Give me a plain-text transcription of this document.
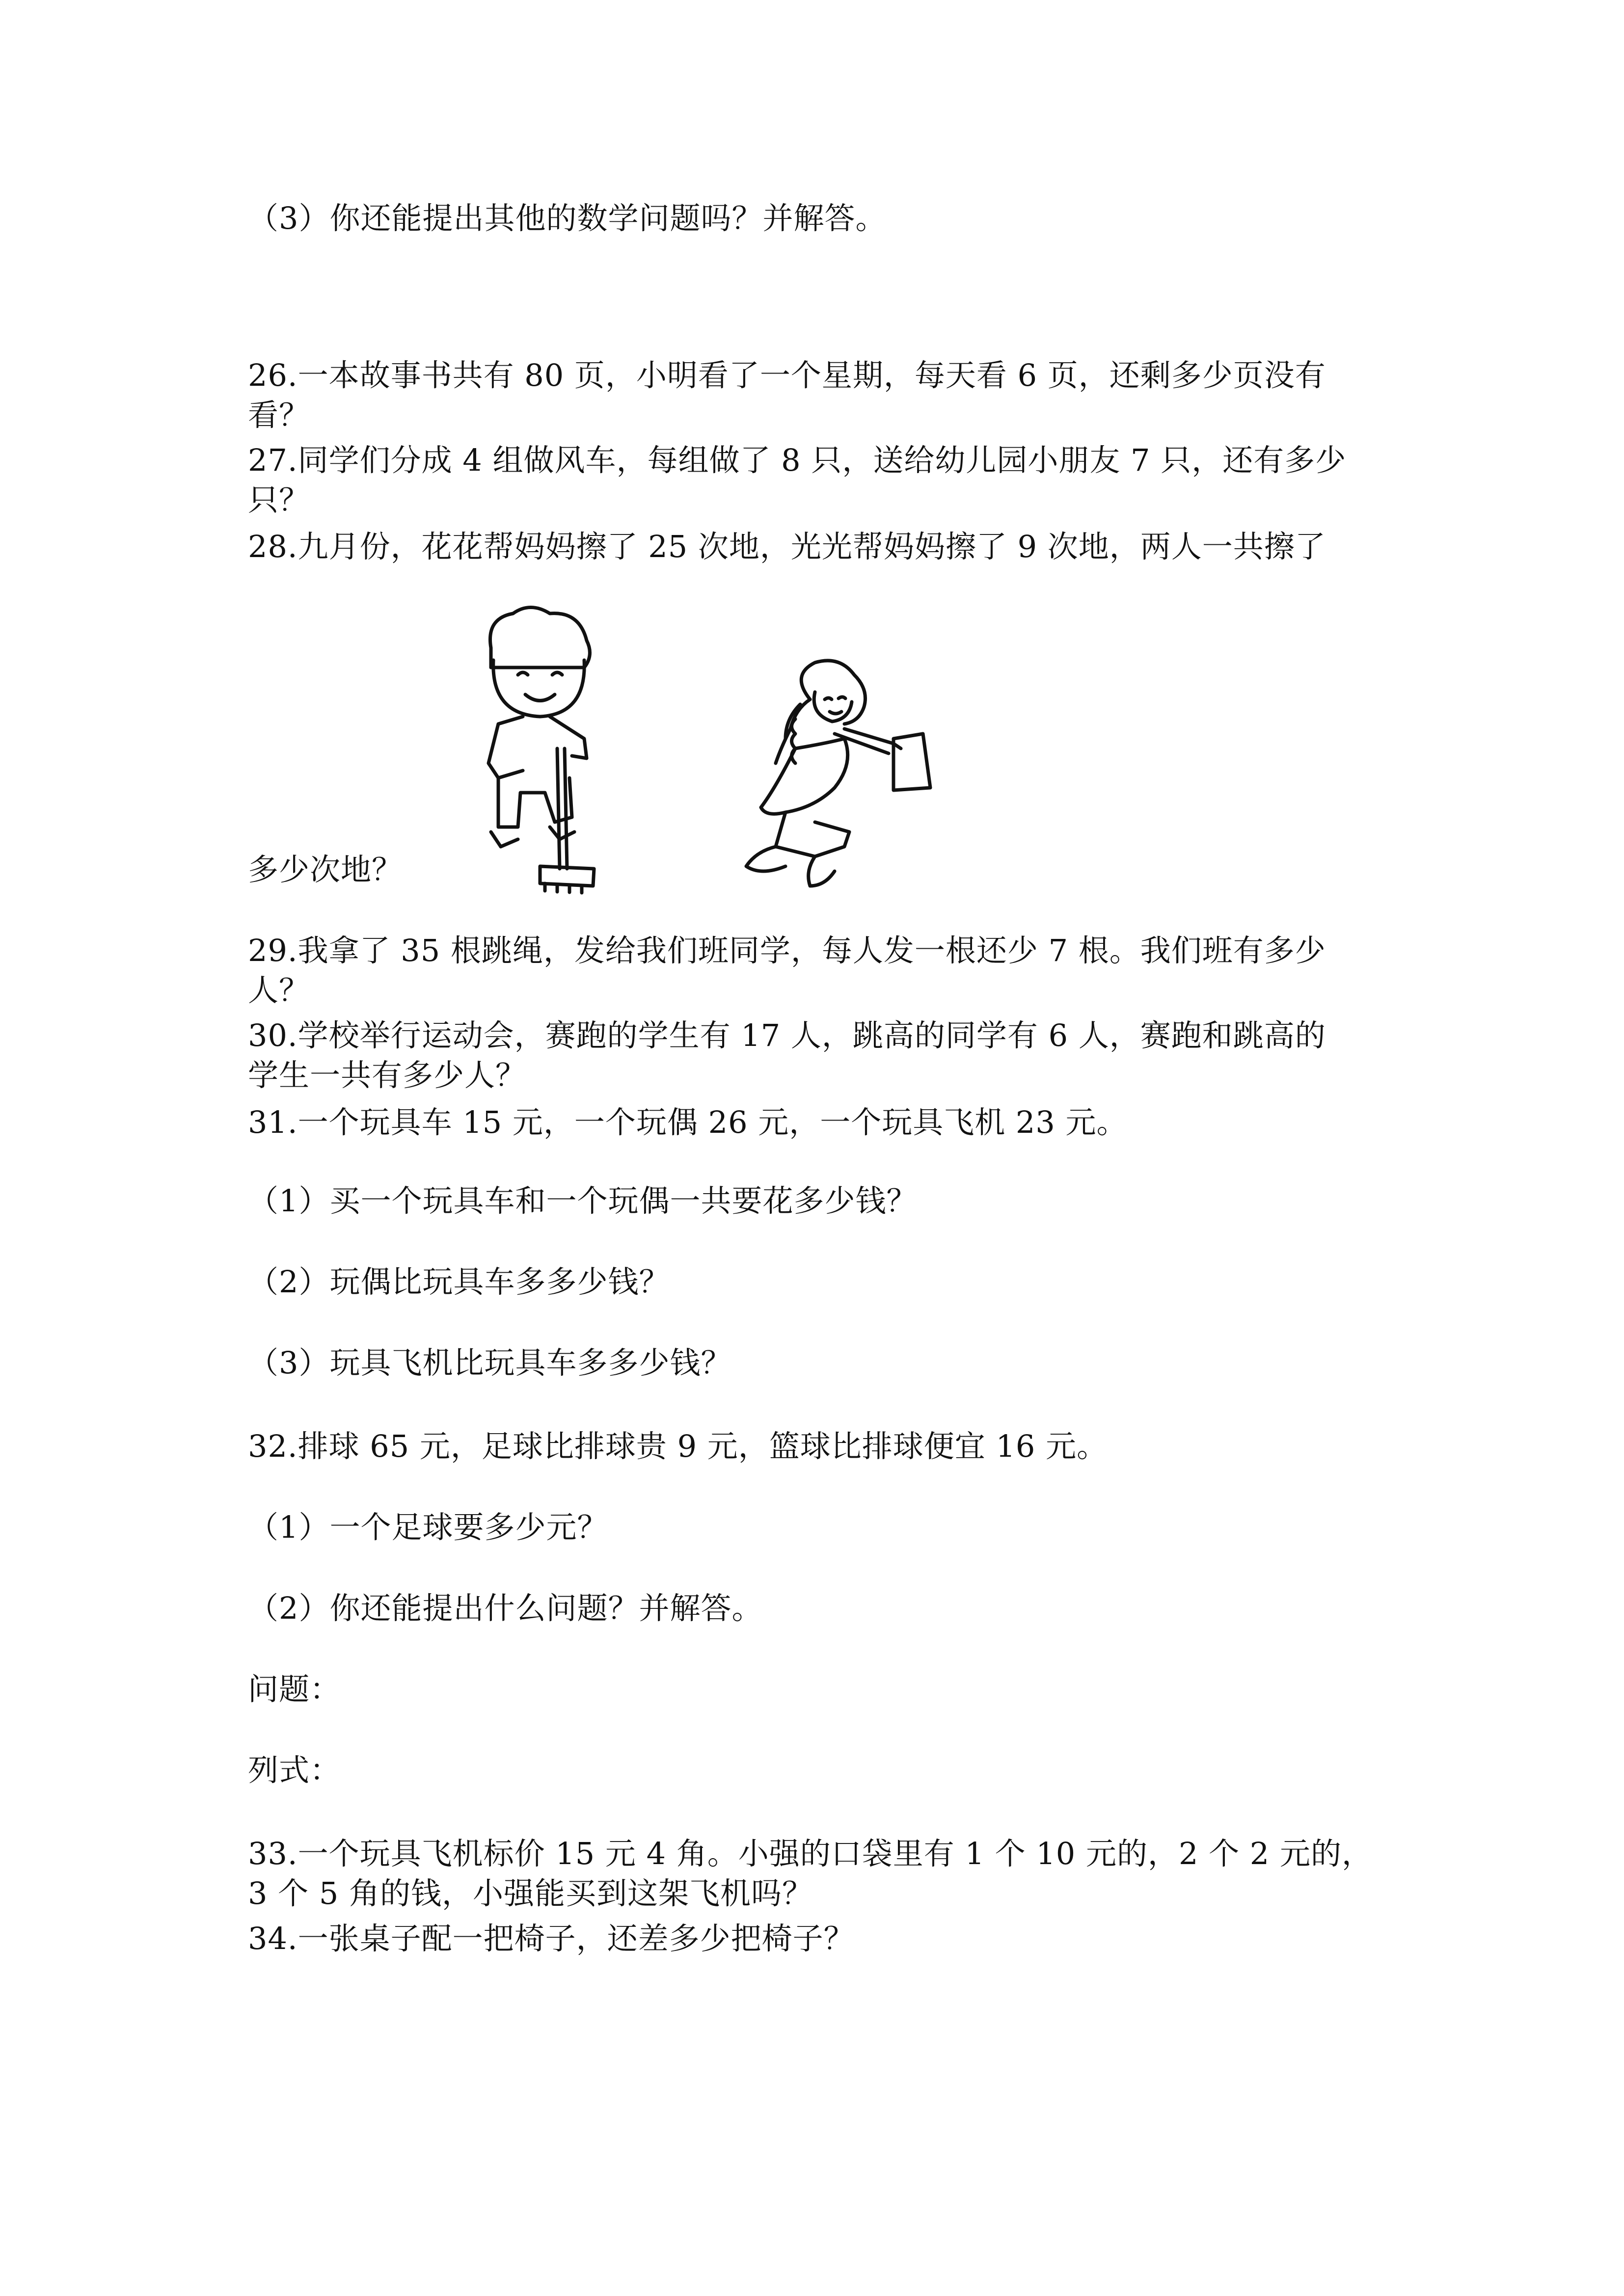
（3）你还能提出其他的数学问题吗？并解答。
26.一本故事书共有 80 页，小明看了一个星期，每天看 6 页，还剩多少页没有
看？
27.同学们分成 4 组做风车，每组做了 8 只，送给幼儿园小朋友 7 只，还有多少
只？
28.九月份，花花帮妈妈擦了 25 次地，光光帮妈妈擦了 9 次地，两人一共擦了
多少次地？
29.我拿了 35 根跳绳，发给我们班同学，每人发一根还少 7 根。我们班有多少
人？
30.学校举行运动会，赛跑的学生有 17 人，跳高的同学有 6 人，赛跑和跳高的
学生一共有多少人？
31.一个玩具车 15 元，一个玩偶 26 元，一个玩具飞机 23 元。
（1）买一个玩具车和一个玩偶一共要花多少钱？
（2）玩偶比玩具车多多少钱？
（3）玩具飞机比玩具车多多少钱？
32.排球 65 元，足球比排球贵 9 元，篮球比排球便宜 16 元。
（1）一个足球要多少元？
（2）你还能提出什么问题？并解答。
问题：
列式：
33.一个玩具飞机标价 15 元 4 角。小强的口袋里有 1 个 10 元的，2 个 2 元的，
3 个 5 角的钱，小强能买到这架飞机吗？
34.一张桌子配一把椅子，还差多少把椅子？
